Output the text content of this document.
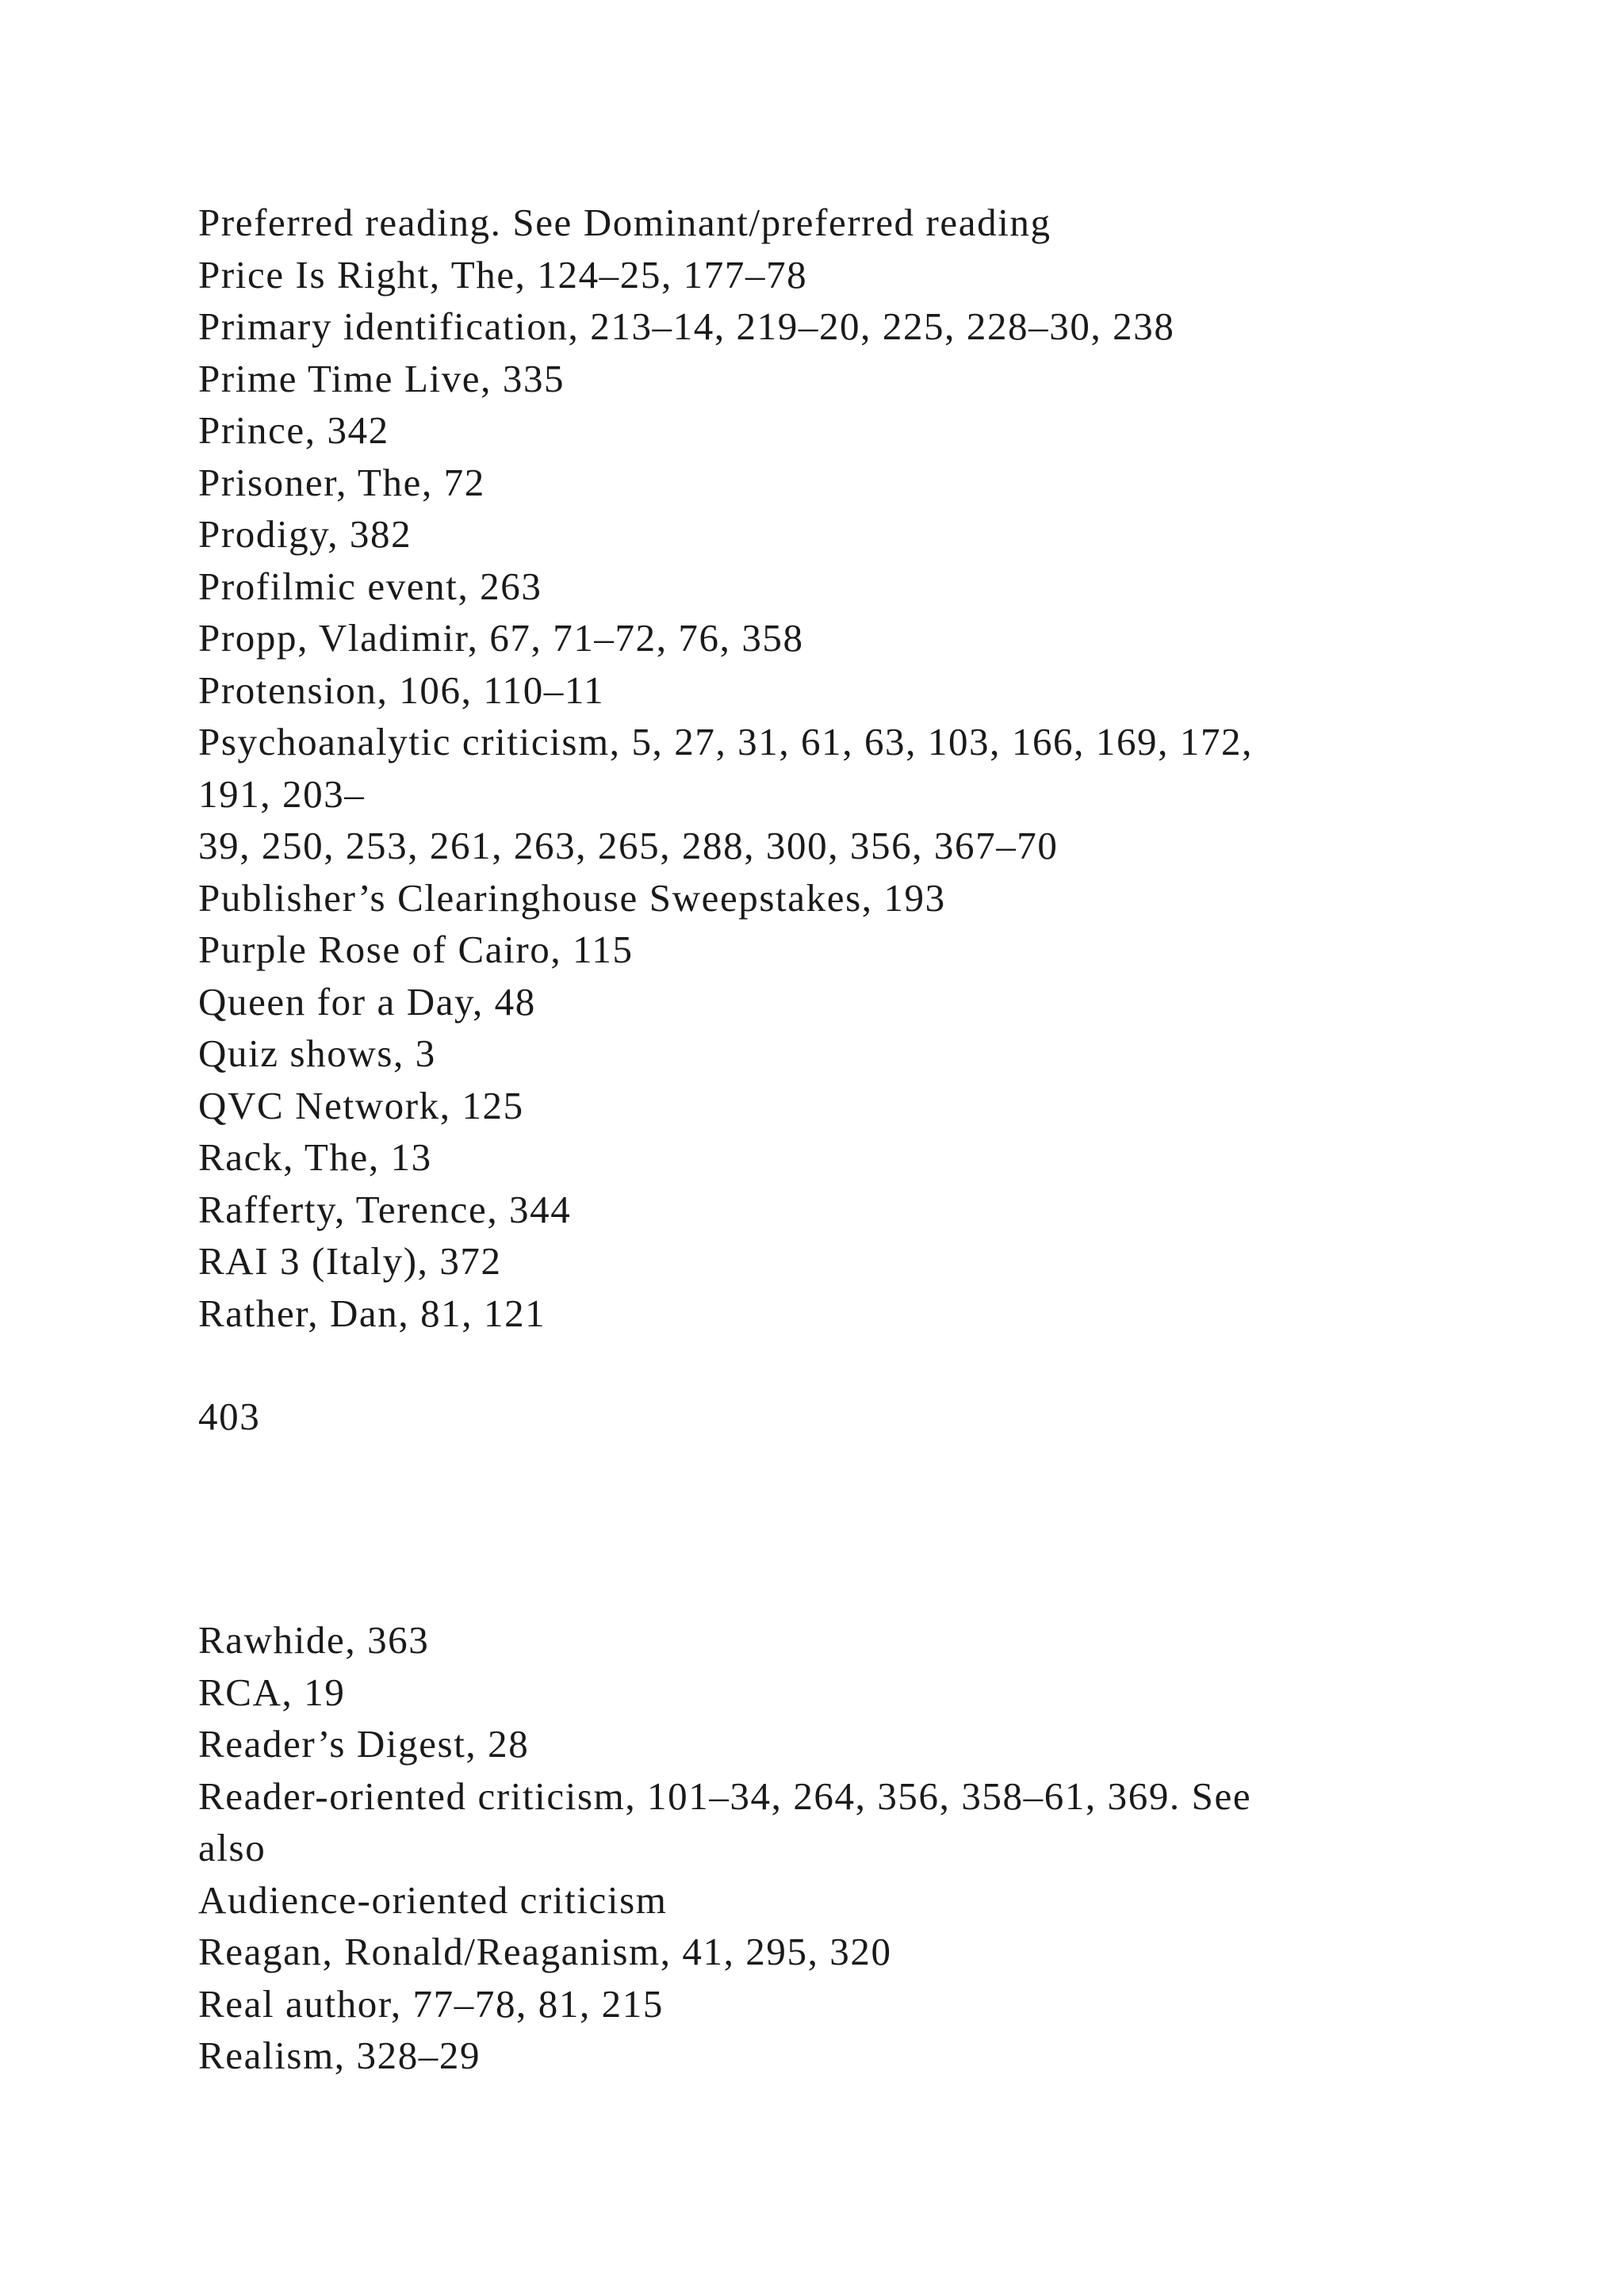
Preferred reading. See Dominant/preferred reading

Price Is Right, The, 124–25, 177–78

Primary identification, 213–14, 219–20, 225, 228–30, 238

Prime Time Live, 335

Prince, 342

Prisoner, The, 72

Prodigy, 382

Profilmic event, 263

Propp, Vladimir, 67, 71–72, 76, 358

Protension, 106, 110–11

Psychoanalytic criticism, 5, 27, 31, 61, 63, 103, 166, 169, 172,

191, 203–

39, 250, 253, 261, 263, 265, 288, 300, 356, 367–70

Publisher’s Clearinghouse Sweepstakes, 193

Purple Rose of Cairo, 115

Queen for a Day, 48

Quiz shows, 3

QVC Network, 125

Rack, The, 13

Rafferty, Terence, 344

RAI 3 (Italy), 372

Rather, Dan, 81, 121

403

Rawhide, 363

RCA, 19

Reader’s Digest, 28

Reader-oriented criticism, 101–34, 264, 356, 358–61, 369. See

also

Audience-oriented criticism

Reagan, Ronald/Reaganism, 41, 295, 320

Real author, 77–78, 81, 215

Realism, 328–29
